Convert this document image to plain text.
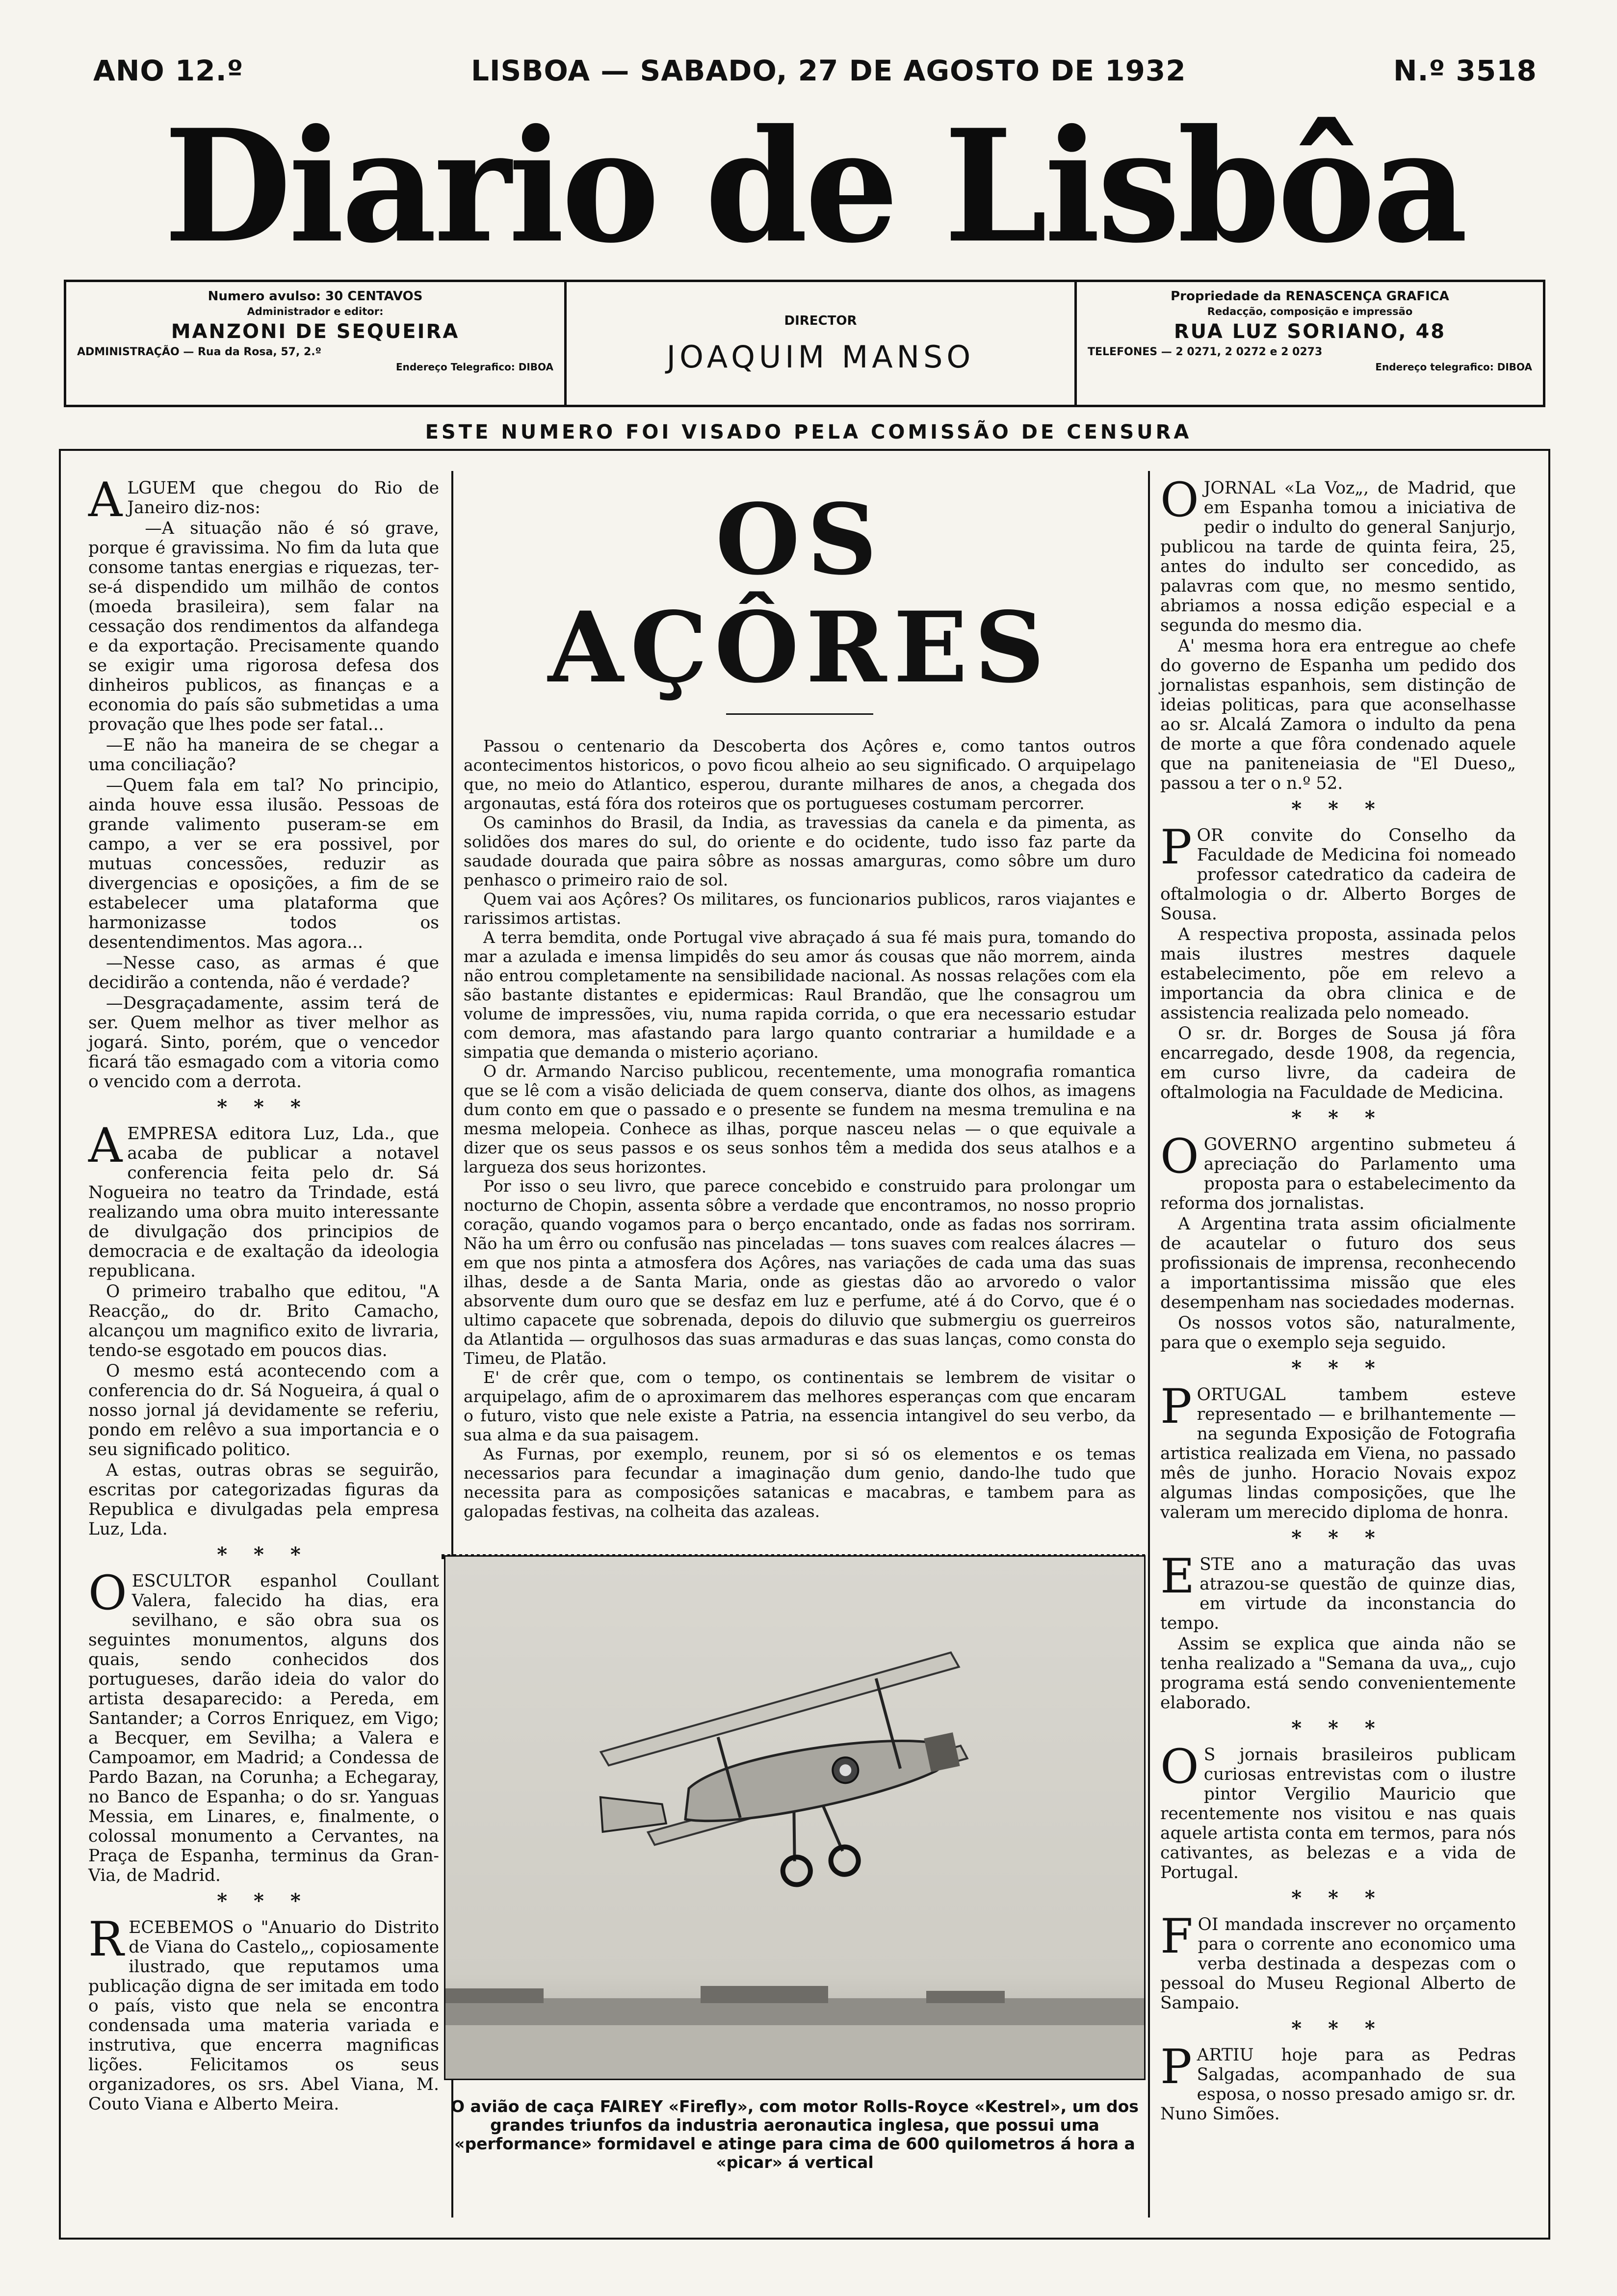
ANO 12.º	LISBOA — SABADO, 27 DE AGOSTO DE 1932	N.º 3518
Diario de Lisbôa
Numero avulso: 30 CENTAVOS
Administrador e editor:
MANZONI DE SEQUEIRA
ADMINISTRAÇÃO — Rua da Rosa, 57, 2.º
Endereço Telegrafico: DIBOA
DIRECTOR
JOAQUIM MANSO
Propriedade da RENASCENÇA GRAFICA
Redacção, composição e impressão
RUA LUZ SORIANO, 48
TELEFONES — 2 0271, 2 0272 e 2 0273
Endereço telegrafico: DIBOA
ESTE NUMERO FOI VISADO PELA COMISSÃO DE CENSURA
A LGUEM que chegou do Rio de Janeiro diz-nos:

—A situação não é só grave, porque é gravissima. No fim da luta que consome tantas energias e riquezas, ter-se-á dispendido um milhão de contos (moeda brasileira), sem falar na cessação dos rendimentos da alfandega e da exportação. Precisamente quando se exigir uma rigorosa defesa dos dinheiros publicos, as finanças e a economia do país são submetidas a uma provação que lhes pode ser fatal...

—E não ha maneira de se chegar a uma conciliação?

—Quem fala em tal? No principio, ainda houve essa ilusão. Pessoas de grande valimento puseram-se em campo, a ver se era possivel, por mutuas concessões, reduzir as divergencias e oposições, a fim de se estabelecer uma plataforma que harmonizasse todos os desentendimentos. Mas agora...

—Nesse caso, as armas é que decidirão a contenda, não é verdade?

—Desgraçadamente, assim terá de ser. Quem melhor as tiver melhor as jogará. Sinto, porém, que o vencedor ficará tão esmagado com a vitoria como o vencido com a derrota.

* * *
A EMPRESA editora Luz, Lda., que acaba de publicar a notavel conferencia feita pelo dr. Sá Nogueira no teatro da Trindade, está realizando uma obra muito interessante de divulgação dos principios de democracia e de exaltação da ideologia republicana.

O primeiro trabalho que editou, "A Reacção„ do dr. Brito Camacho, alcançou um magnifico exito de livraria, tendo-se esgotado em poucos dias.

O mesmo está acontecendo com a conferencia do dr. Sá Nogueira, á qual o nosso jornal já devidamente se referiu, pondo em relêvo a sua importancia e o seu significado politico.

A estas, outras obras se seguirão, escritas por categorizadas figuras da Republica e divulgadas pela empresa Luz, Lda.

* * *
O ESCULTOR espanhol Coullant Valera, falecido ha dias, era sevilhano, e são obra sua os seguintes monumentos, alguns dos quais, sendo conhecidos dos portugueses, darão ideia do valor do artista desaparecido: a Pereda, em Santander; a Corros Enriquez, em Vigo; a Becquer, em Sevilha; a Valera e Campoamor, em Madrid; a Condessa de Pardo Bazan, na Corunha; a Echegaray, no Banco de Espanha; o do sr. Yanguas Messia, em Linares, e, finalmente, o colossal monumento a Cervantes, na Praça de Espanha, terminus da Gran-Via, de Madrid.

* * *
R ECEBEMOS o "Anuario do Distrito de Viana do Castelo„, copiosamente ilustrado, que reputamos uma publicação digna de ser imitada em todo o país, visto que nela se encontra condensada uma materia variada e instrutiva, que encerra magnificas lições. Felicitamos os seus organizadores, os srs. Abel Viana, M. Couto Viana e Alberto Meira.

OS AÇÔRES

Passou o centenario da Descoberta dos Açôres e, como tantos outros acontecimentos historicos, o povo ficou alheio ao seu significado. O arquipelago que, no meio do Atlantico, esperou, durante milhares de anos, a chegada dos argonautas, está fóra dos roteiros que os portugueses costumam percorrer.

Os caminhos do Brasil, da India, as travessias da canela e da pimenta, as solidões dos mares do sul, do oriente e do ocidente, tudo isso faz parte da saudade dourada que paira sôbre as nossas amarguras, como sôbre um duro penhasco o primeiro raio de sol.

Quem vai aos Açôres? Os militares, os funcionarios publicos, raros viajantes e rarissimos artistas.

A terra bemdita, onde Portugal vive abraçado á sua fé mais pura, tomando do mar a azulada e imensa limpidês do seu amor ás cousas que não morrem, ainda não entrou completamente na sensibilidade nacional. As nossas relações com ela são bastante distantes e epidermicas: Raul Brandão, que lhe consagrou um volume de impressões, viu, numa rapida corrida, o que era necessario estudar com demora, mas afastando para largo quanto contrariar a humildade e a simpatia que demanda o misterio açoriano.

O dr. Armando Narciso publicou, recentemente, uma monografia romantica que se lê com a visão deliciada de quem conserva, diante dos olhos, as imagens dum conto em que o passado e o presente se fundem na mesma tremulina e na mesma melopeia. Conhece as ilhas, porque nasceu nelas — o que equivale a dizer que os seus passos e os seus sonhos têm a medida dos seus atalhos e a largueza dos seus horizontes.

Por isso o seu livro, que parece concebido e construido para prolongar um nocturno de Chopin, assenta sôbre a verdade que encontramos, no nosso proprio coração, quando vogamos para o berço encantado, onde as fadas nos sorriram. Não ha um êrro ou confusão nas pinceladas — tons suaves com realces álacres — em que nos pinta a atmosfera dos Açôres, nas variações de cada uma das suas ilhas, desde a de Santa Maria, onde as giestas dão ao arvoredo o valor absorvente dum ouro que se desfaz em luz e perfume, até á do Corvo, que é o ultimo capacete que sobrenada, depois do diluvio que submergiu os guerreiros da Atlantida — orgulhosos das suas armaduras e das suas lanças, como consta do Timeu, de Platão.

E' de crêr que, com o tempo, os continentais se lembrem de visitar o arquipelago, afim de o aproximarem das melhores esperanças com que encaram o futuro, visto que nele existe a Patria, na essencia intangivel do seu verbo, da sua alma e da sua paisagem.

As Furnas, por exemplo, reunem, por si só os elementos e os temas necessarios para fecundar a imaginação dum genio, dando-lhe tudo que necessita para as composições satanicas e macabras, e tambem para as galopadas festivas, na colheita das azaleas.

O avião de caça FAIREY «Firefly», com motor Rolls-Royce «Kestrel», um dos grandes triunfos da industria aeronautica inglesa, que possui uma «performance» formidavel e atinge para cima de 600 quilometros á hora a «picar» á vertical
O JORNAL «La Voz„, de Madrid, que em Espanha tomou a iniciativa de pedir o indulto do general Sanjurjo, publicou na tarde de quinta feira, 25, antes do indulto ser concedido, as palavras com que, no mesmo sentido, abriamos a nossa edição especial e a segunda do mesmo dia.

A' mesma hora era entregue ao chefe do governo de Espanha um pedido dos jornalistas espanhois, sem distinção de ideias politicas, para que aconselhasse ao sr. Alcalá Zamora o indulto da pena de morte a que fôra condenado aquele que na paniteneiasia de "El Dueso„ passou a ter o n.º 52.

* * *
P OR convite do Conselho da Faculdade de Medicina foi nomeado professor catedratico da cadeira de oftalmologia o dr. Alberto Borges de Sousa.

A respectiva proposta, assinada pelos mais ilustres mestres daquele estabelecimento, põe em relevo a importancia da obra clinica e de assistencia realizada pelo nomeado.

O sr. dr. Borges de Sousa já fôra encarregado, desde 1908, da regencia, em curso livre, da cadeira de oftalmologia na Faculdade de Medicina.

* * *
O GOVERNO argentino submeteu á apreciação do Parlamento uma proposta para o estabelecimento da reforma dos jornalistas.

A Argentina trata assim oficialmente de acautelar o futuro dos seus profissionais de imprensa, reconhecendo a importantissima missão que eles desempenham nas sociedades modernas.

Os nossos votos são, naturalmente, para que o exemplo seja seguido.

* * *
P ORTUGAL tambem esteve representado — e brilhantemente — na segunda Exposição de Fotografia artistica realizada em Viena, no passado mês de junho. Horacio Novais expoz algumas lindas composições, que lhe valeram um merecido diploma de honra.

* * *
E STE ano a maturação das uvas atrazou-se questão de quinze dias, em virtude da inconstancia do tempo.

Assim se explica que ainda não se tenha realizado a "Semana da uva„, cujo programa está sendo convenientemente elaborado.

* * *
O S jornais brasileiros publicam curiosas entrevistas com o ilustre pintor Vergilio Mauricio que recentemente nos visitou e nas quais aquele artista conta em termos, para nós cativantes, as belezas e a vida de Portugal.

* * *
F OI mandada inscrever no orçamento para o corrente ano economico uma verba destinada a despezas com o pessoal do Museu Regional Alberto de Sampaio.

* * *
P ARTIU hoje para as Pedras Salgadas, acompanhado de sua esposa, o nosso presado amigo sr. dr. Nuno Simões.
